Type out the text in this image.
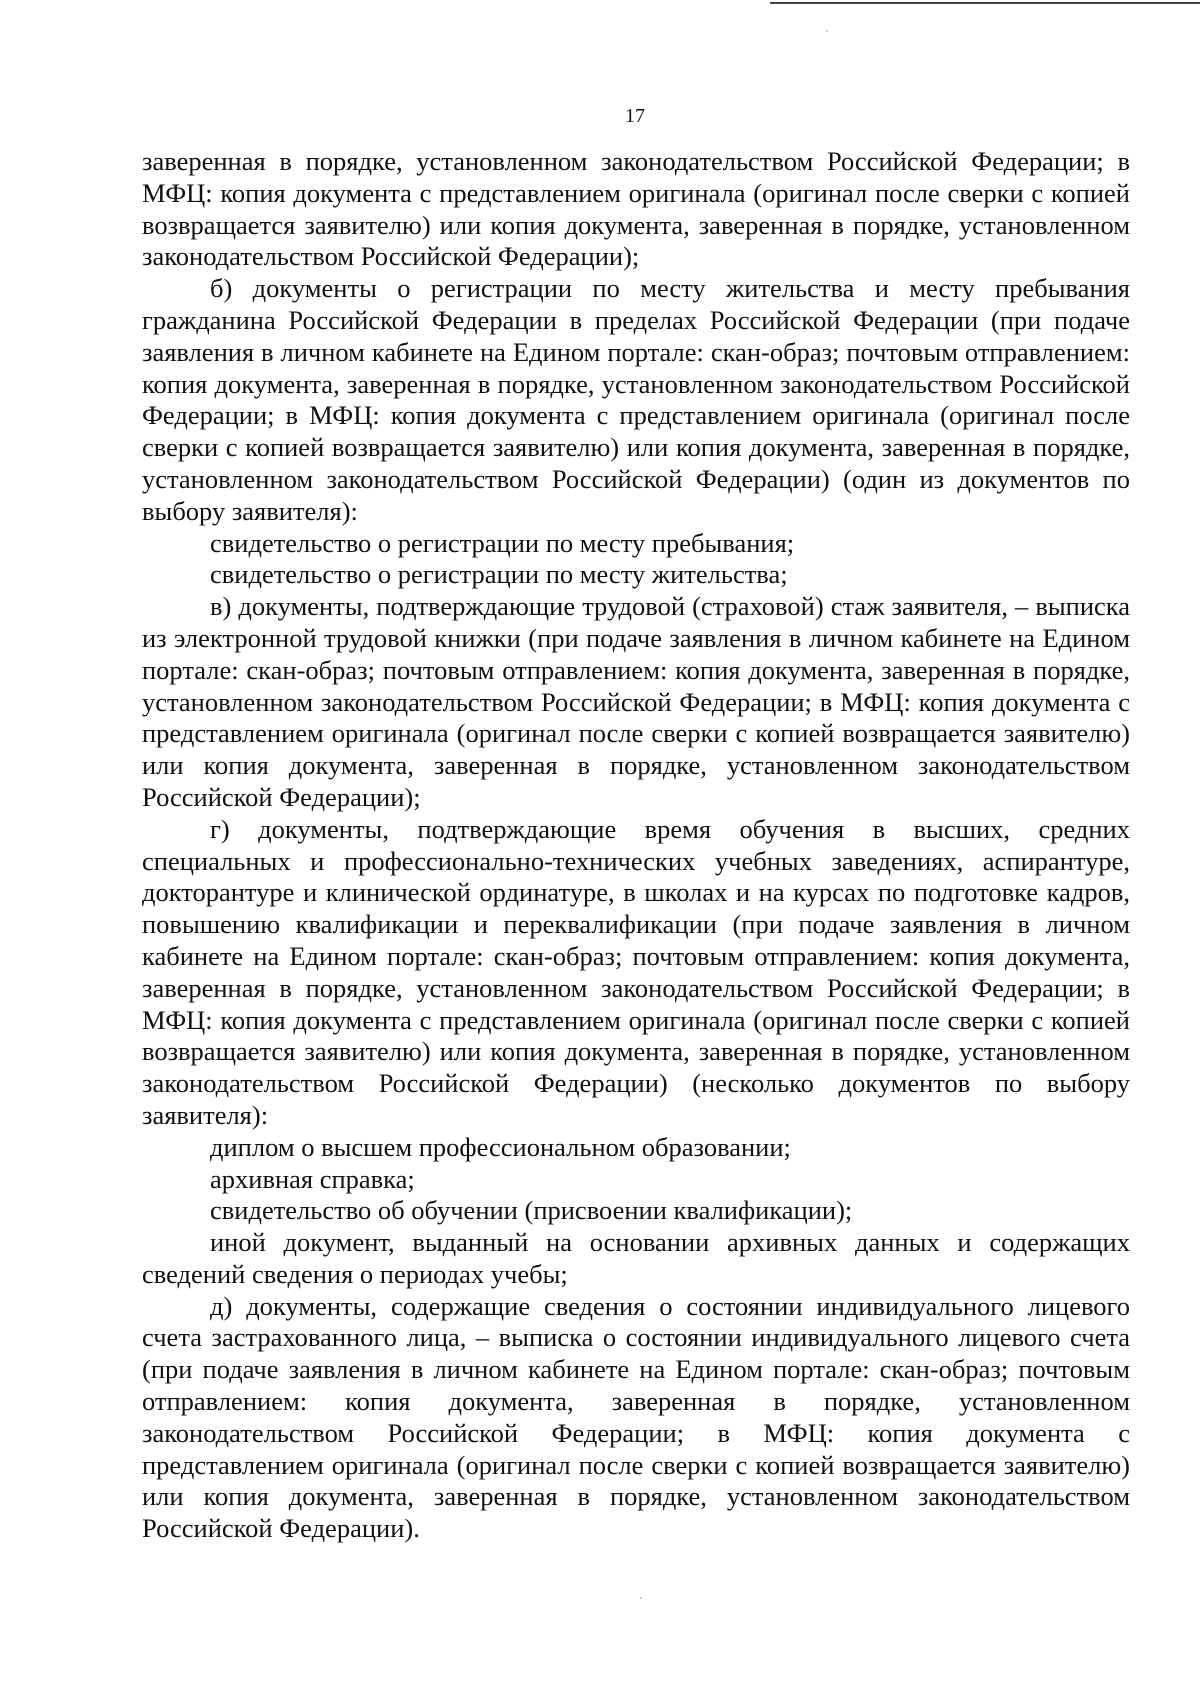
17

заверенная в порядке, установленном законодательством Российской Федерации; в МФЦ: копия документа с представлением оригинала (оригинал после сверки с копией возвращается заявителю) или копия документа, заверенная в порядке, установленном законодательством Российской Федерации);

б) документы о регистрации по месту жительства и месту пребывания гражданина Российской Федерации в пределах Российской Федерации (при подаче заявления в личном кабинете на Едином портале: скан-образ; почтовым отправлением: копия документа, заверенная в порядке, установленном законодательством Российской Федерации; в МФЦ: копия документа с представлением оригинала (оригинал после сверки с копией возвращается заявителю) или копия документа, заверенная в порядке, установленном законодательством Российской Федерации) (один из документов по выбору заявителя):

свидетельство о регистрации по месту пребывания;

свидетельство о регистрации по месту жительства;

в) документы, подтверждающие трудовой (страховой) стаж заявителя, – выписка из электронной трудовой книжки (при подаче заявления в личном кабинете на Едином портале: скан-образ; почтовым отправлением: копия документа, заверенная в порядке, установленном законодательством Российской Федерации; в МФЦ: копия документа с представлением оригинала (оригинал после сверки с копией возвращается заявителю) или копия документа, заверенная в порядке, установленном законодательством Российской Федерации);

г) документы, подтверждающие время обучения в высших, средних специальных и профессионально-технических учебных заведениях, аспирантуре, докторантуре и клинической ординатуре, в школах и на курсах по подготовке кадров, повышению квалификации и переквалификации (при подаче заявления в личном кабинете на Едином портале: скан-образ; почтовым отправлением: копия документа, заверенная в порядке, установленном законодательством Российской Федерации; в МФЦ: копия документа с представлением оригинала (оригинал после сверки с копией возвращается заявителю) или копия документа, заверенная в порядке, установленном законодательством Российской Федерации) (несколько документов по выбору заявителя):

диплом о высшем профессиональном образовании;

архивная справка;

свидетельство об обучении (присвоении квалификации);

иной документ, выданный на основании архивных данных и содержащих сведений сведения о периодах учебы;

д) документы, содержащие сведения о состоянии индивидуального лицевого счета застрахованного лица, – выписка о состоянии индивидуального лицевого счета (при подаче заявления в личном кабинете на Едином портале: скан-образ; почтовым отправлением: копия документа, заверенная в порядке, установленном законодательством Российской Федерации; в МФЦ: копия документа с представлением оригинала (оригинал после сверки с копией возвращается заявителю) или копия документа, заверенная в порядке, установленном законодательством Российской Федерации).
